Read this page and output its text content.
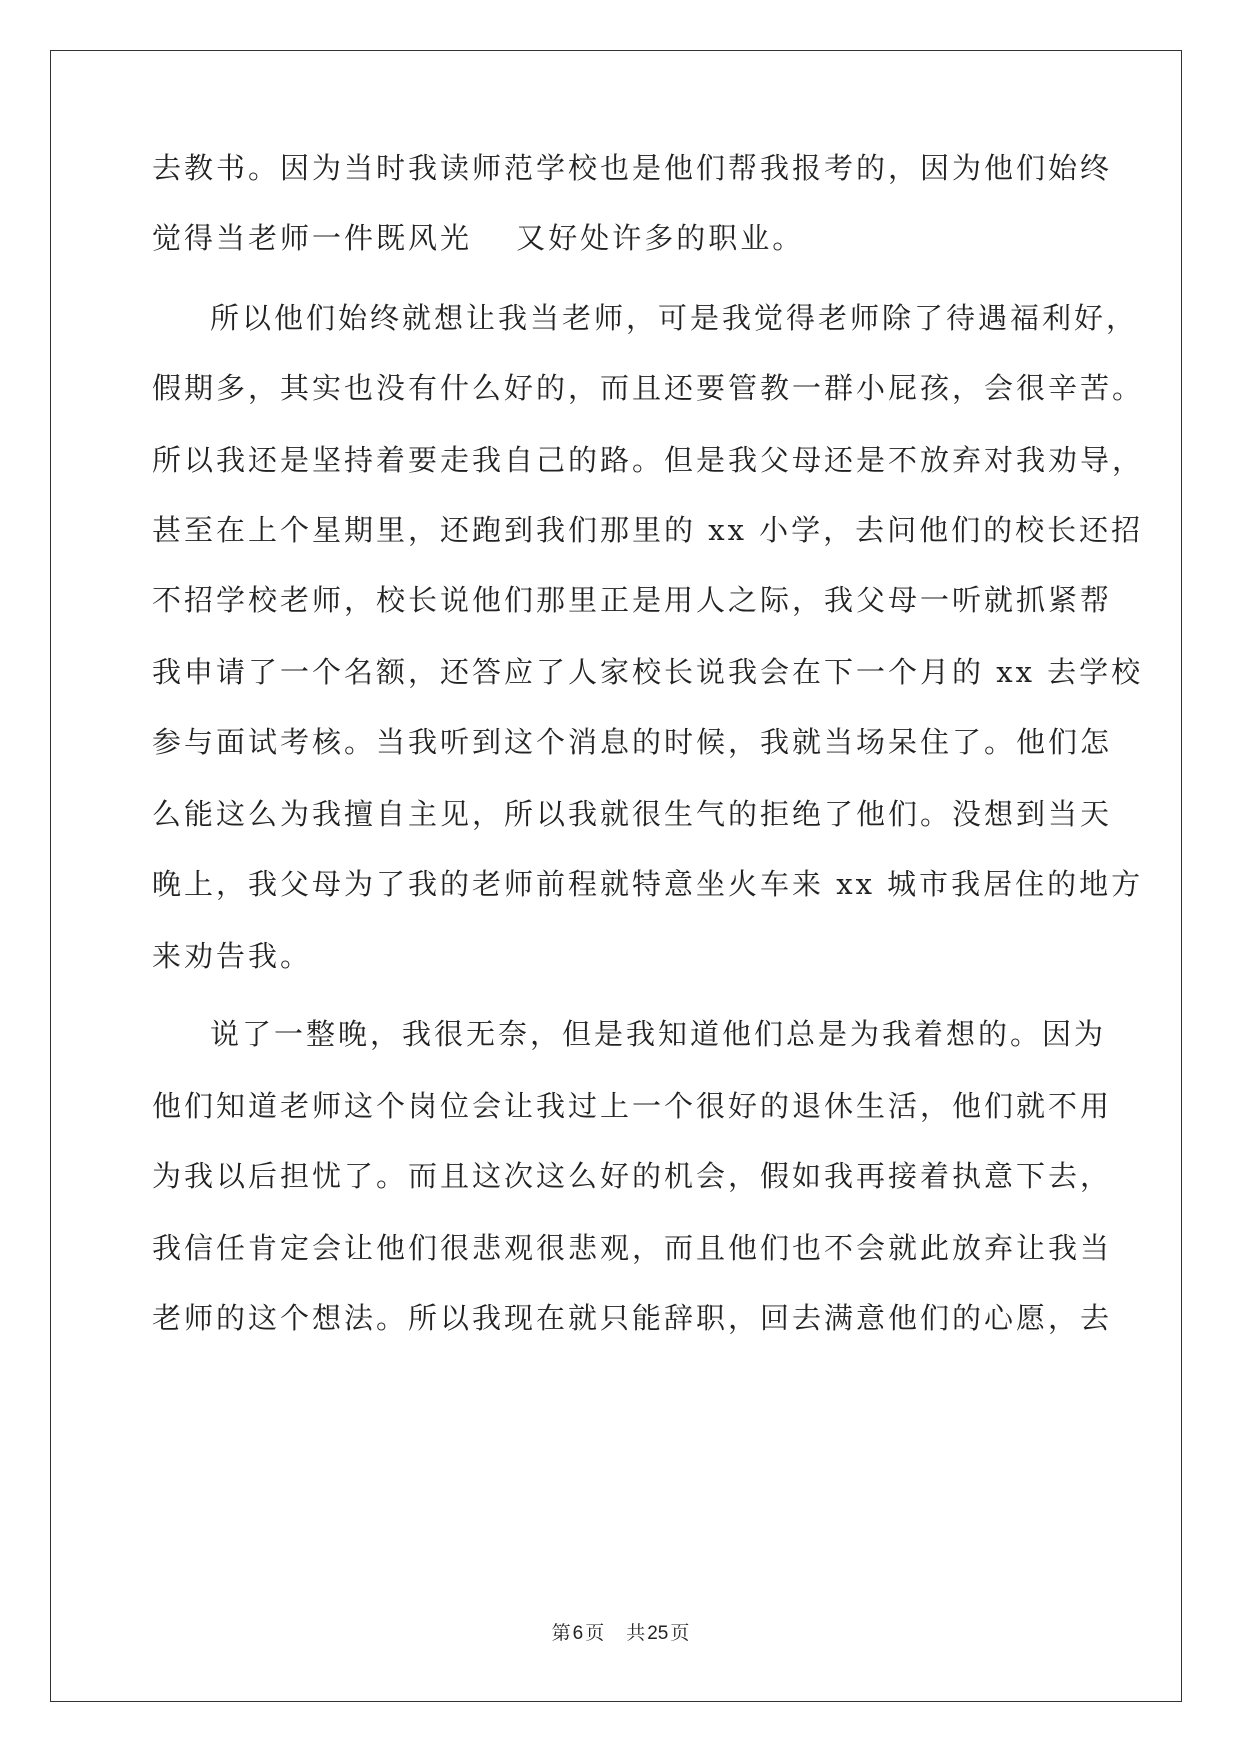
去教书。因为当时我读师范学校也是他们帮我报考的，因为他们始终
觉得当老师一件既风光　 又好处许多的职业。
所以他们始终就想让我当老师，可是我觉得老师除了待遇福利好，
假期多，其实也没有什么好的，而且还要管教一群小屁孩，会很辛苦。
所以我还是坚持着要走我自己的路。但是我父母还是不放弃对我劝导，
甚至在上个星期里，还跑到我们那里的 xx 小学，去问他们的校长还招
不招学校老师，校长说他们那里正是用人之际，我父母一听就抓紧帮
我申请了一个名额，还答应了人家校长说我会在下一个月的 xx 去学校
参与面试考核。当我听到这个消息的时候，我就当场呆住了。他们怎
么能这么为我擅自主见，所以我就很生气的拒绝了他们。没想到当天
晚上，我父母为了我的老师前程就特意坐火车来 xx 城市我居住的地方
来劝告我。
说了一整晚，我很无奈，但是我知道他们总是为我着想的。因为
他们知道老师这个岗位会让我过上一个很好的退休生活，他们就不用
为我以后担忧了。而且这次这么好的机会，假如我再接着执意下去，
我信任肯定会让他们很悲观很悲观，而且他们也不会就此放弃让我当
老师的这个想法。所以我现在就只能辞职，回去满意他们的心愿，去
第 6 页 共 25 页
